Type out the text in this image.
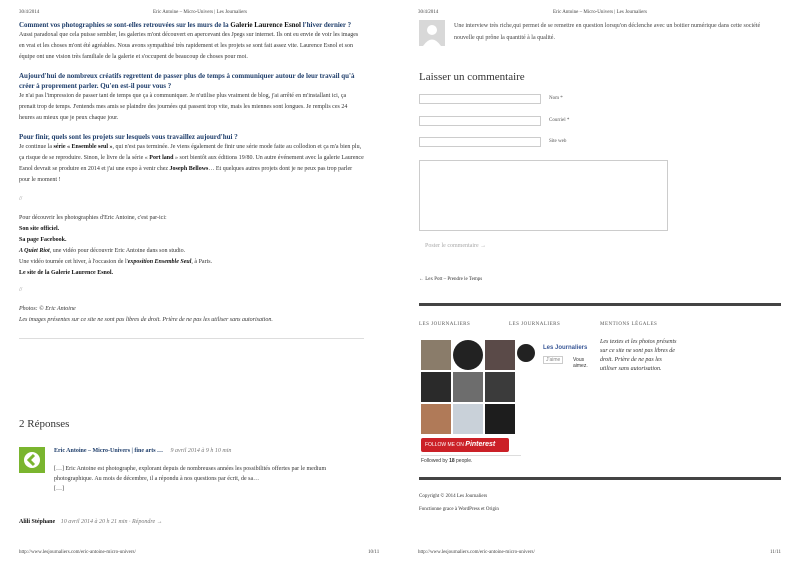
30/4/2014	Eric Antoine – Micro-Univers | Les Journaliers
Comment vos photographies se sont-elles retrouvées sur les murs de la Galerie Laurence Esnol l'hiver dernier ?

Aussi paradoxal que cela puisse sembler, les galeries m'ont découvert en apercevant des Jpegs sur internet. Ils ont eu envie de voir les images en vrai et les choses m'ont été agréables. Nous avons sympathisé très rapidement et les projets se sont fait assez vite. Laurence Esnol et son équipe ont une vision très familiale de la galerie et s'occupent de beaucoup de choses pour moi.

Aujourd'hui de nombreux créatifs regrettent de passer plus de temps à communiquer autour de leur travail qu'à créer à proprement parler. Qu'en est-il pour vous ?

Je n'ai pas l'impression de passer tant de temps que ça à communiquer. Je n'utilise plus vraiment de blog, j'ai arrêté en m'installant ici, ça prenait trop de temps. J'entends mes amis se plaindre des journées qui passent trop vite, mais les miennes sont longues. Je remplis ces 24 heures au mieux que je peux chaque jour.

Pour finir, quels sont les projets sur lesquels vous travaillez aujourd'hui ?

Je continue la série « Ensemble seul », qui n'est pas terminée. Je viens également de finir une série mode faite au collodion et ça m'a bien plu, ça risque de se reproduire. Sinon, le livre de la série « Port land » sort bientôt aux éditions 19/80. Un autre événement avec la galerie Laurence Esnol devrait se produire en 2014 et j'ai une expo à venir chez Joseph Bellows… Et quelques autres projets dont je ne peux pas trop parler pour le moment !

//
Pour découvrir les photographies d'Eric Antoine, c'est par-ici:
Son site officiel.
Sa page Facebook.
A Quiet Riot, une vidéo pour découvrir Eric Antoine dans son studio.
Une vidéo tournée cet hiver, à l'occasion de l'exposition Ensemble Seul, à Paris.
Le site de la Galerie Laurence Esnol.
//
Photos: © Eric Antoine
Les images présentes sur ce site ne sont pas libres de droit. Prière de ne pas les utiliser sans autorisation.
2 Réponses
Eric Antoine – Micro-Univers | fine arts … 9 avril 2014 à 9 h 10 min
[…] Eric Antoine est photographe, explorant depuis de nombreuses années les possibilités offertes par le medium photographique. Au mois de décembre, il a répondu à nos questions par écrit, de sa…
[…]
Alili Stéphane 10 avril 2014 à 20 h 21 min · Répondre →
http://www.lesjournaliers.com/eric-antoine-micro-univers/	10/11
30/4/2014	Eric Antoine – Micro-Univers | Les Journaliers
Une interview très riche,qui permet de se remettre en question lorsqu'on déclenche avec un boitier numérique dans cette société nouvelle qui prône la quantité à la qualité.
Laisser un commentaire
Nom *
Courriel *
Site web
Poster le commentaire →
← Lex Pott – Prendre le Temps
LES JOURNALIERS	LES JOURNALIERS	MENTIONS LÉGALES
FOLLOW ME ON Pinterest
Followed by 18 people.
Les Journaliers
J'aime	Vous aimez.
Les textes et les photos présents sur ce site ne sont pas libres de droit. Prière de ne pas les utiliser sans autorisation.
Copyright © 2014 Les Journaliers
Fonctionne grace à WordPress et Origin
http://www.lesjournaliers.com/eric-antoine-micro-univers/	11/11
